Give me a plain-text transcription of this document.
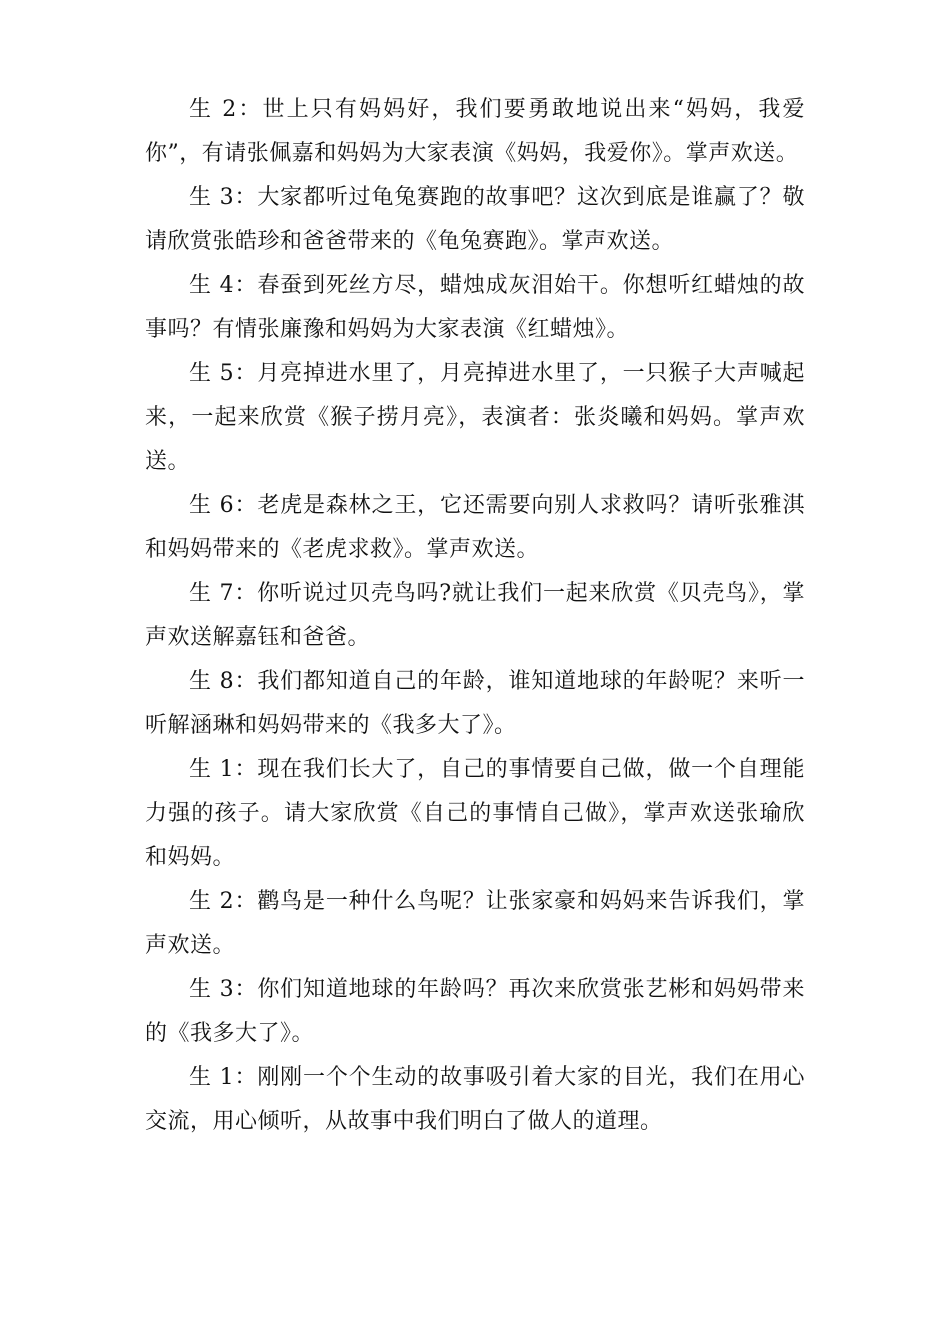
生 2：世上只有妈妈好，我们要勇敢地说出来“妈妈，我爱你”，有请张佩嘉和妈妈为大家表演《妈妈，我爱你》。掌声欢送。

生 3：大家都听过龟兔赛跑的故事吧？这次到底是谁赢了？敬请欣赏张皓珍和爸爸带来的《龟兔赛跑》。掌声欢送。

生 4：春蚕到死丝方尽，蜡烛成灰泪始干。你想听红蜡烛的故事吗？有情张廉豫和妈妈为大家表演《红蜡烛》。

生 5：月亮掉进水里了，月亮掉进水里了，一只猴子大声喊起来，一起来欣赏《猴子捞月亮》，表演者：张炎曦和妈妈。掌声欢送。

生 6：老虎是森林之王，它还需要向别人求救吗？请听张雅淇和妈妈带来的《老虎求救》。掌声欢送。

生 7：你听说过贝壳鸟吗?就让我们一起来欣赏《贝壳鸟》，掌声欢送解嘉钰和爸爸。

生 8：我们都知道自己的年龄，谁知道地球的年龄呢？来听一听解涵琳和妈妈带来的《我多大了》。

生 1：现在我们长大了，自己的事情要自己做，做一个自理能力强的孩子。请大家欣赏《自己的事情自己做》，掌声欢送张瑜欣和妈妈。

生 2：鹳鸟是一种什么鸟呢？让张家豪和妈妈来告诉我们，掌声欢送。

生 3：你们知道地球的年龄吗？再次来欣赏张艺彬和妈妈带来的《我多大了》。

生 1：刚刚一个个生动的故事吸引着大家的目光，我们在用心交流，用心倾听，从故事中我们明白了做人的道理。
